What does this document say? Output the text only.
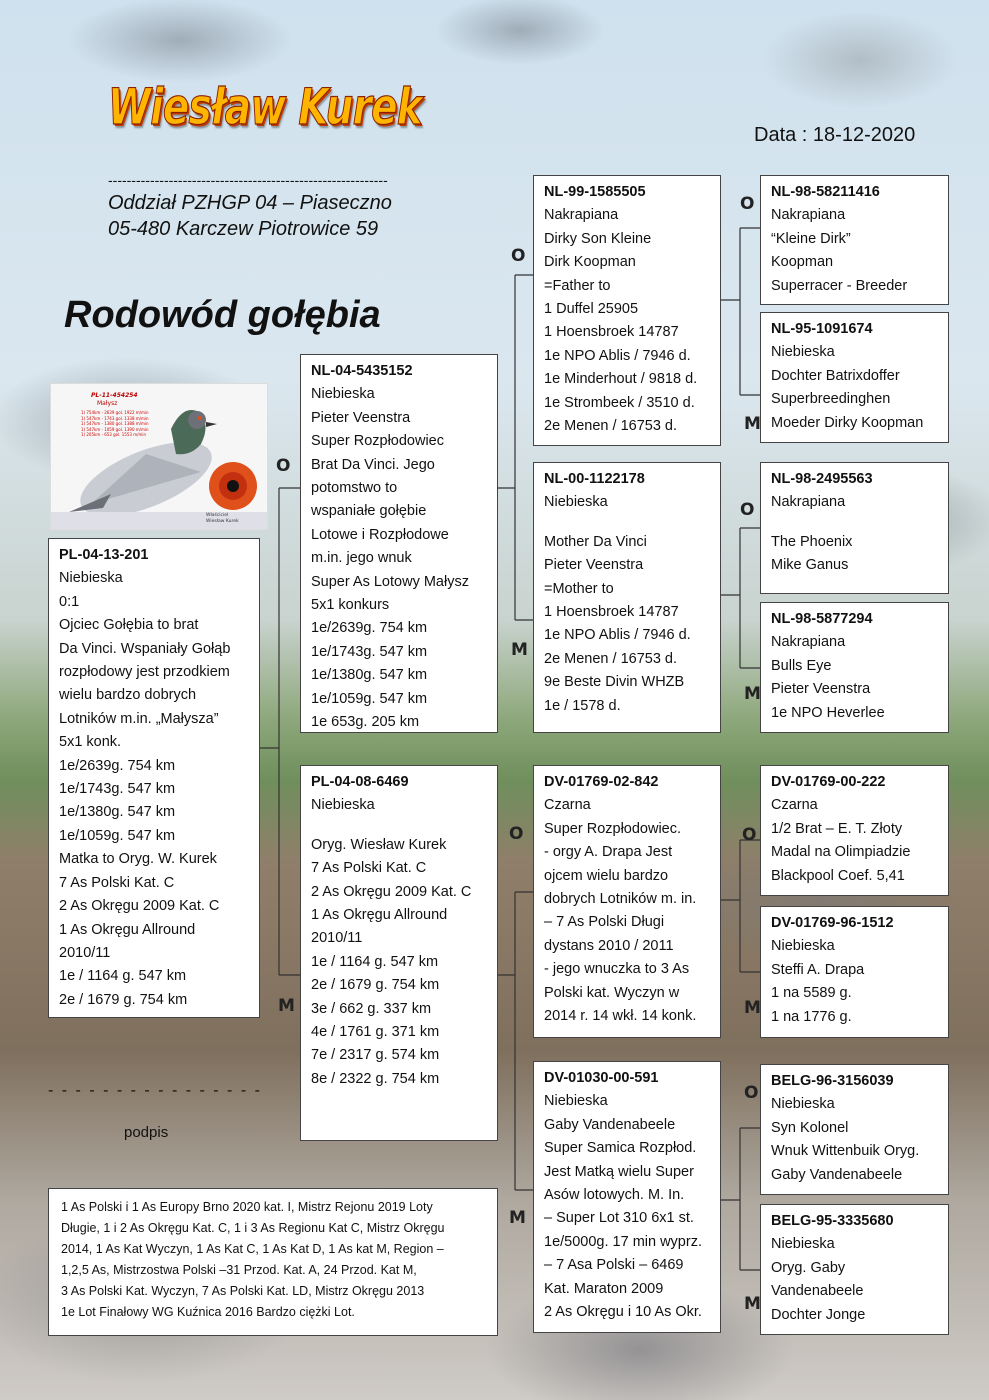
Wiesław Kurek	Data : 18-12-2020
------------------------------------------------------------
Oddział PZHGP 04 – Piaseczno
05-480 Karczew Piotrowice 59
Rodowód gołębia
PL-11-454254
Małysz
1) 754km - 2639 gol. 1922 m/min
1) 547km - 1743 gol. 1338 m/min
1) 547km - 1380 gol. 1388 m/min
1) 547km - 1059 gol. 1390 m/min
1) 205km - 653 gol. 1553 m/min
Właściciel
Wiesław Kurek
PL-04-13-201
Niebieska
0:1
Ojciec Gołębia to brat
Da Vinci. Wspaniały Gołąb
rozpłodowy jest przodkiem
wielu bardzo dobrych
Lotników m.in. „Małysza”
5x1 konk.
1e/2639g. 754 km
1e/1743g. 547 km
1e/1380g. 547 km
1e/1059g. 547 km
Matka to Oryg. W. Kurek
7 As Polski Kat. C
2 As Okręgu 2009 Kat. C
1 As Okręgu Allround
2010/11
1e / 1164 g. 547 km
2e / 1679 g. 754 km
NL-04-5435152
Niebieska
Pieter Veenstra
Super Rozpłodowiec
Brat Da Vinci. Jego
potomstwo to
wspaniałe gołębie
Lotowe i Rozpłodowe
m.in. jego wnuk
Super As Lotowy Małysz
5x1 konkurs
1e/2639g. 754 km
1e/1743g. 547 km
1e/1380g. 547 km
1e/1059g. 547 km
1e 653g. 205 km
PL-04-08-6469
Niebieska
Oryg. Wiesław Kurek
7 As Polski Kat. C
2 As Okręgu 2009 Kat. C
1 As Okręgu Allround
2010/11
1e / 1164 g. 547 km
2e / 1679 g. 754 km
3e / 662 g. 337 km
4e / 1761 g. 371 km
7e / 2317 g. 574 km
8e / 2322 g. 754 km
NL-99-1585505
Nakrapiana
Dirky Son Kleine
Dirk Koopman
=Father to
1 Duffel 25905
1 Hoensbroek 14787
1e NPO Ablis / 7946 d.
1e Minderhout / 9818 d.
1e Strombeek / 3510 d.
2e Menen / 16753 d.
NL-00-1122178
Niebieska
Mother Da Vinci
Pieter Veenstra
=Mother to
1 Hoensbroek 14787
1e NPO Ablis / 7946 d.
2e Menen / 16753 d.
9e Beste Divin WHZB
1e / 1578 d.
DV-01769-02-842
Czarna
Super Rozpłodowiec.
- orgy A. Drapa Jest
ojcem wielu bardzo
dobrych Lotników m. in.
– 7 As Polski Długi
dystans 2010 / 2011
- jego wnuczka to 3 As
Polski kat. Wyczyn w
2014 r. 14 wkł. 14 konk.
DV-01030-00-591
Niebieska
Gaby Vandenabeele
Super Samica Rozpłod.
Jest Matką wielu Super
Asów lotowych. M. In.
– Super Lot 310 6x1 st.
1e/5000g. 17 min wyprz.
– 7 Asa Polski – 6469
Kat. Maraton 2009
2 As Okręgu i 10 As Okr.
NL-98-58211416
Nakrapiana
“Kleine Dirk”
Koopman
Superracer - Breeder
NL-95-1091674
Niebieska
Dochter Batrixdoffer
Superbreedinghen
Moeder Dirky Koopman
NL-98-2495563
Nakrapiana
The Phoenix
Mike Ganus
NL-98-5877294
Nakrapiana
Bulls Eye
Pieter Veenstra
1e NPO Heverlee
DV-01769-00-222
Czarna
1/2 Brat – E. T. Złoty
Madal na Olimpiadzie
Blackpool Coef. 5,41
DV-01769-96-1512
Niebieska
Steffi A. Drapa
1 na 5589 g.
1 na 1776 g.
BELG-96-3156039
Niebieska
Syn Kolonel
Wnuk Wittenbuik Oryg.
Gaby Vandenabeele
BELG-95-3335680
Niebieska
Oryg. Gaby
Vandenabeele
Dochter Jonge
O
M
O
M
O
M
O
M
O
M
O
M
O
M
- - - - - - - - - - - - - - - -
podpis
1 As Polski i 1 As Europy Brno 2020 kat. I, Mistrz Rejonu 2019 Loty
Długie, 1 i 2 As Okręgu Kat. C, 1 i 3 As Regionu Kat C, Mistrz Okręgu
2014, 1 As Kat Wyczyn, 1 As Kat C, 1 As Kat D, 1 As kat M, Region –
1,2,5 As, Mistrzostwa Polski –31 Przod. Kat. A, 24 Przod. Kat M,
3 As Polski Kat. Wyczyn, 7 As Polski Kat. LD, Mistrz Okręgu 2013
1e Lot Finałowy WG Kuźnica 2016 Bardzo ciężki Lot.
